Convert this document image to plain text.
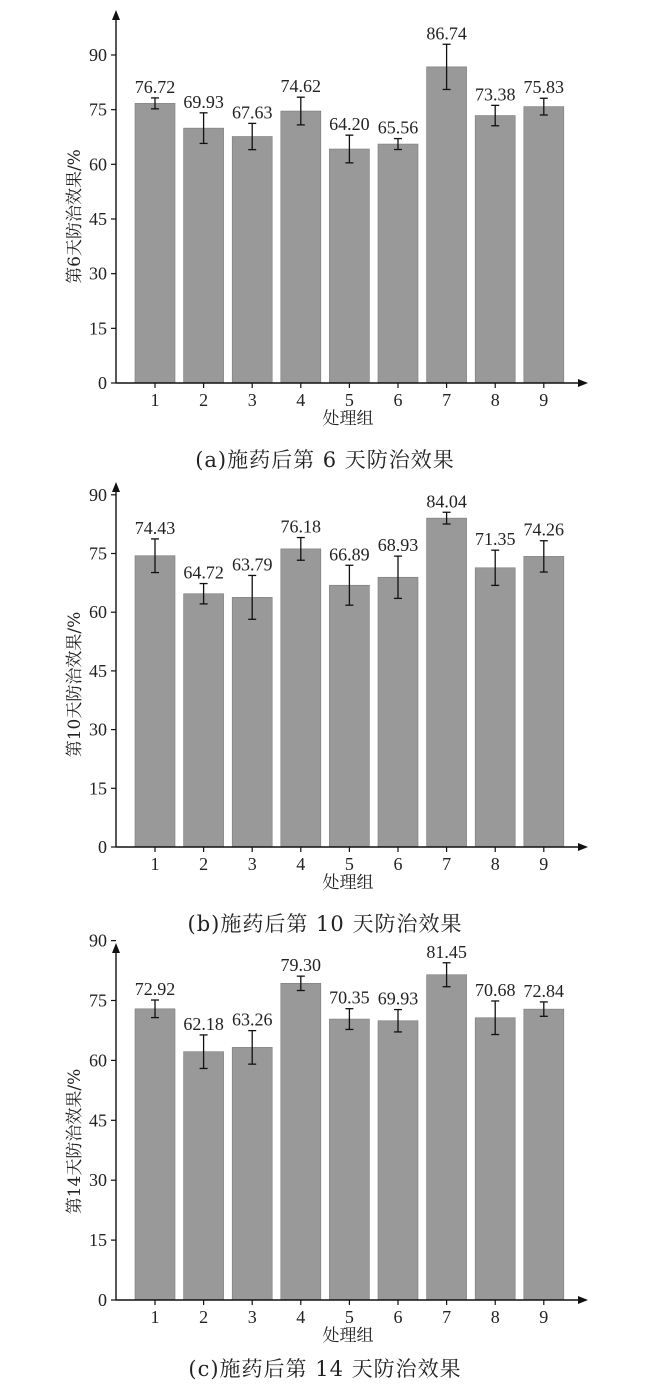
76.72
69.93
67.63
74.62
64.20 65.56
86.74
73.38 75.83
0
15
30
45
60
75
90
1 2 3 4 5 6 7 8 9
处理组
第6天防治效果/%
(a)施药后第 6 天防治效果
74.43
64.72 63.79
76.18
66.89 68.93
84.04
71.35 74.26
0
15
30
45
60
75
90
1 2 3 4 5 6 7 8 9
处理组
第10天防治效果/%
(b)施药后第 10 天防治效果
72.92
62.18 63.26
79.30
70.35 69.93
81.45
70.68 72.84
0
15
30
45
60
75
90
1 2 3 4 5 6 7 8 9
处理组
第14天防治效果/%
(c)施药后第 14 天防治效果
